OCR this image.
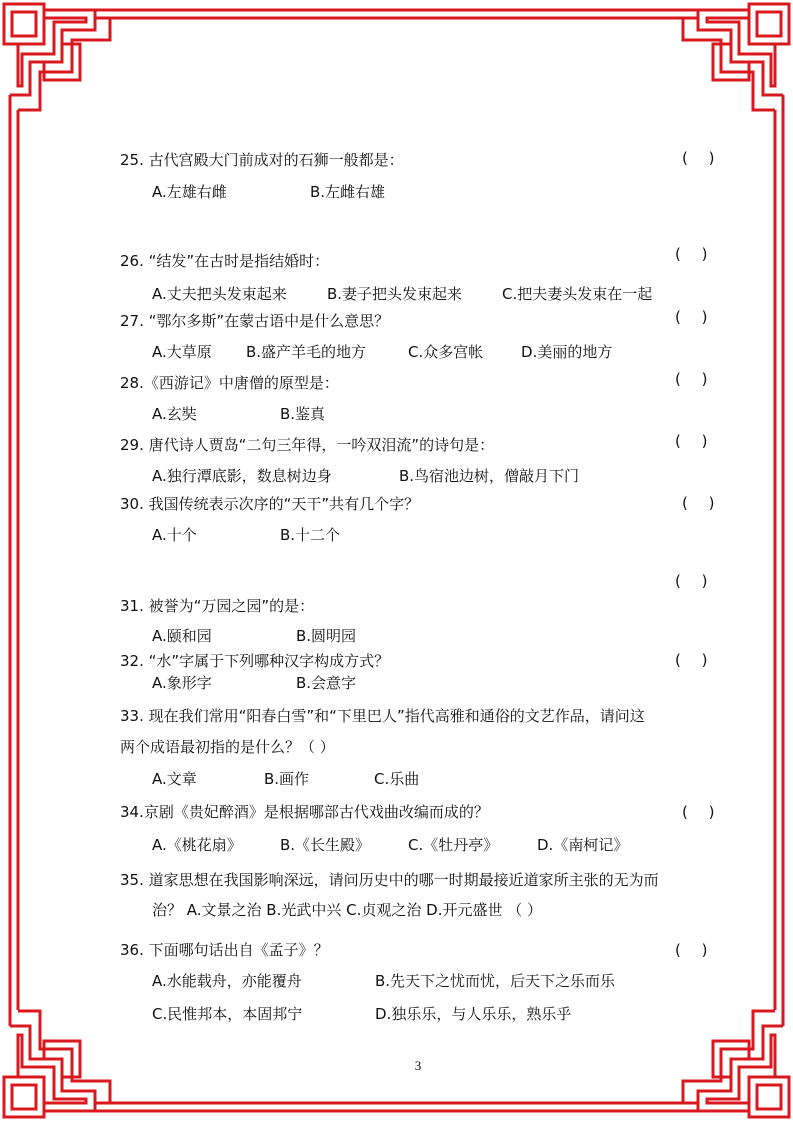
25. 古代宫殿大门前成对的石狮一般都是：	( )
A.左雄右雌	B.左雌右雄
26. “结发”在古时是指结婚时：	( )
A.丈夫把头发束起来	B.妻子把头发束起来	C.把夫妻头发束在一起
27. “鄂尔多斯”在蒙古语中是什么意思？	( )
A.大草原 B.盛产羊毛的地方	C.众多宫帐	D.美丽的地方
28.《西游记》中唐僧的原型是：	( )
A.玄奘	B.鉴真
29. 唐代诗人贾岛“二句三年得，一吟双泪流”的诗句是：	( )
A.独行潭底影，数息树边身	B.鸟宿池边树，僧敲月下门
30. 我国传统表示次序的“天干”共有几个字？	( )
A.十个	B.十二个
( )
31. 被誉为“万园之园”的是：
A.颐和园	B.圆明园
32. “水”字属于下列哪种汉字构成方式？	( )
A.象形字	B.会意字
33. 现在我们常用“阳春白雪”和“下里巴人”指代高雅和通俗的文艺作品，请问这
两个成语最初指的是什么？（ ）
A.文章	B.画作	C.乐曲
34.京剧《贵妃醉酒》是根据哪部古代戏曲改编而成的？	( )
A.《桃花扇》	B.《长生殿》	C.《牡丹亭》	D.《南柯记》
35. 道家思想在我国影响深远，请问历史中的哪一时期最接近道家所主张的无为而
治？ A.文景之治 B.光武中兴 C.贞观之治 D.开元盛世 （ ）
36. 下面哪句话出自《孟子》？	( )
A.水能载舟，亦能覆舟	B.先天下之忧而忧，后天下之乐而乐
C.民惟邦本，本固邦宁	D.独乐乐，与人乐乐，熟乐乎
3
